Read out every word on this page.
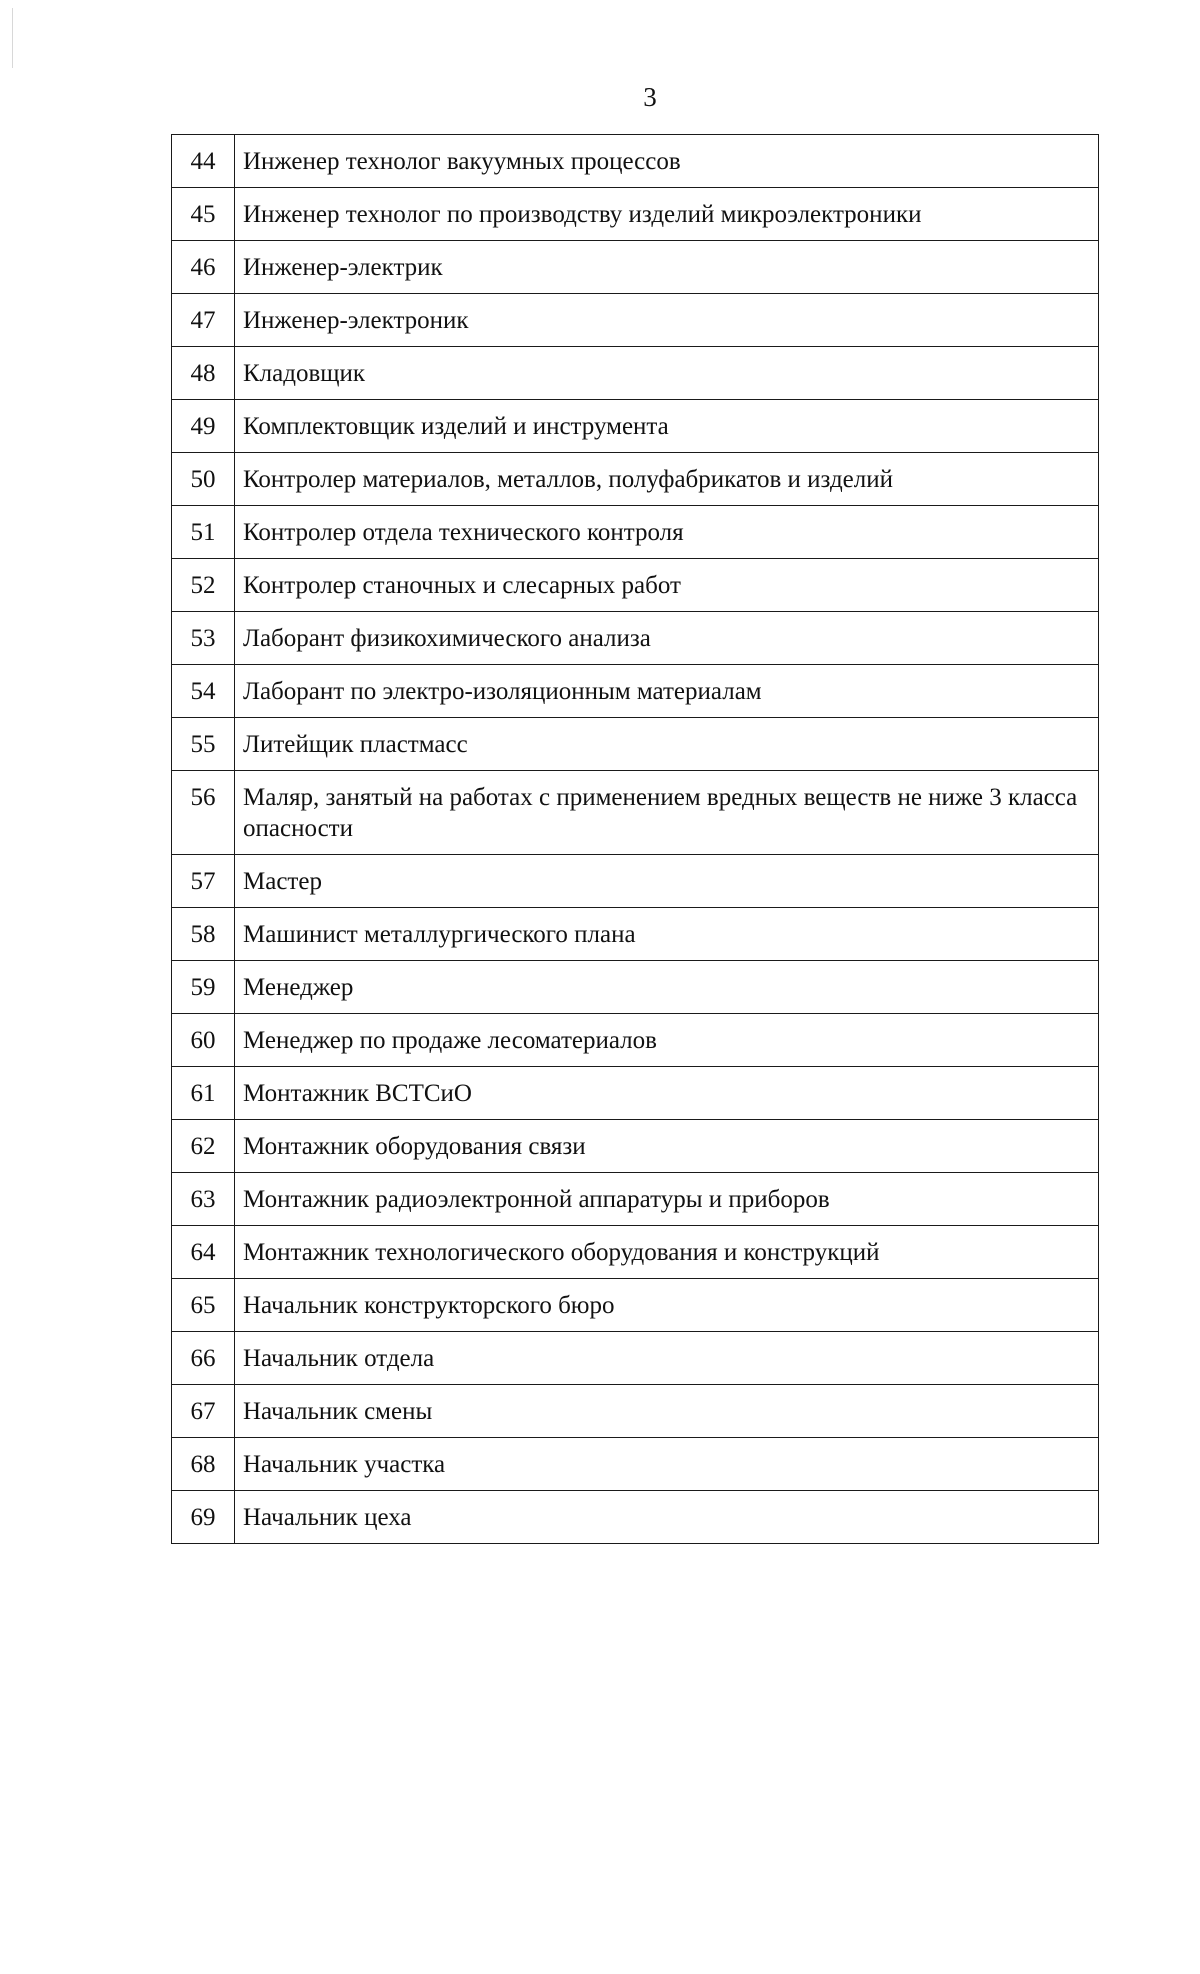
3
44	Инженер технолог вакуумных процессов
45	Инженер технолог по производству изделий микроэлектроники
46	Инженер-электрик
47	Инженер-электроник
48	Кладовщик
49	Комплектовщик изделий и инструмента
50	Контролер материалов, металлов, полуфабрикатов и изделий
51	Контролер отдела технического контроля
52	Контролер станочных и слесарных работ
53	Лаборант физикохимического анализа
54	Лаборант по электро-изоляционным материалам
55	Литейщик пластмасс
56	Маляр, занятый на работах с применением вредных веществ не ниже 3 класса опасности
57	Мастер
58	Машинист металлургического плана
59	Менеджер
60	Менеджер по продаже лесоматериалов
61	Монтажник ВСТСиО
62	Монтажник оборудования связи
63	Монтажник радиоэлектронной аппаратуры и приборов
64	Монтажник технологического оборудования и конструкций
65	Начальник конструкторского бюро
66	Начальник отдела
67	Начальник смены
68	Начальник участка
69	Начальник цеха
